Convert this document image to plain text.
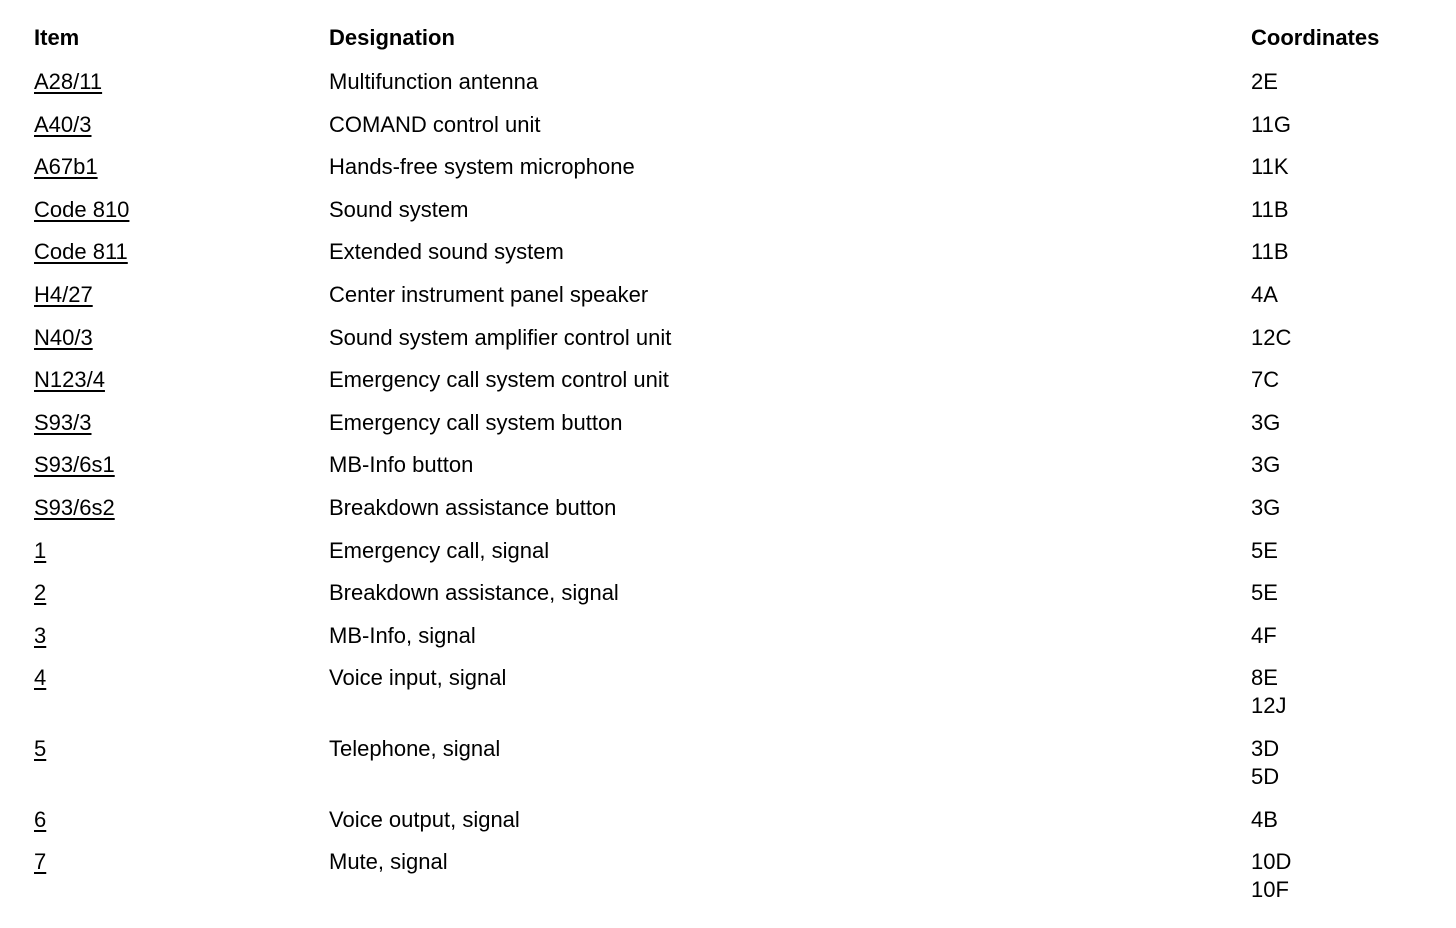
Item	Designation	Coordinates
A28/11	Multifunction antenna	2E
A40/3	COMAND control unit	11G
A67b1	Hands-free system microphone	11K
Code 810	Sound system	11B
Code 811	Extended sound system	11B
H4/27	Center instrument panel speaker	4A
N40/3	Sound system amplifier control unit	12C
N123/4	Emergency call system control unit	7C
S93/3	Emergency call system button	3G
S93/6s1	MB-Info button	3G
S93/6s2	Breakdown assistance button	3G
1	Emergency call, signal	5E
2	Breakdown assistance, signal	5E
3	MB-Info, signal	4F
4	Voice input, signal	8E
12J
5	Telephone, signal	3D
5D
6	Voice output, signal	4B
7	Mute, signal	10D
10F
